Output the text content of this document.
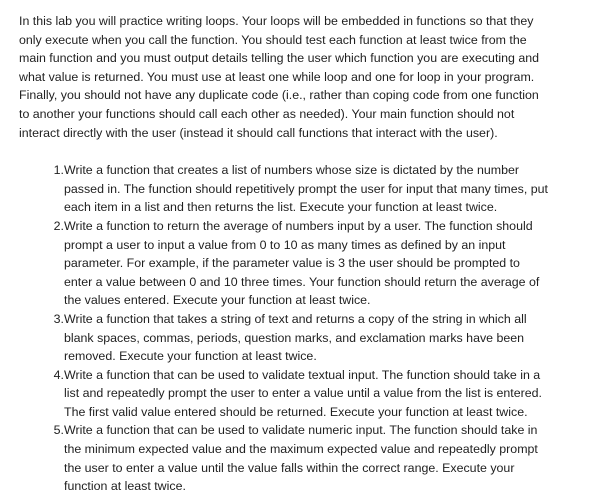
In this lab you will practice writing loops. Your loops will be embedded in functions so that they
only execute when you call the function. You should test each function at least twice from the
main function and you must output details telling the user which function you are executing and
what value is returned. You must use at least one while loop and one for loop in your program.
Finally, you should not have any duplicate code (i.e., rather than coping code from one function
to another your functions should call each other as needed). Your main function should not
interact directly with the user (instead it should call functions that interact with the user).

1. Write a function that creates a list of numbers whose size is dictated by the number
passed in. The function should repetitively prompt the user for input that many times, put
each item in a list and then returns the list. Execute your function at least twice.
2. Write a function to return the average of numbers input by a user. The function should
prompt a user to input a value from 0 to 10 as many times as defined by an input
parameter. For example, if the parameter value is 3 the user should be prompted to
enter a value between 0 and 10 three times. Your function should return the average of
the values entered. Execute your function at least twice.
3. Write a function that takes a string of text and returns a copy of the string in which all
blank spaces, commas, periods, question marks, and exclamation marks have been
removed. Execute your function at least twice.
4. Write a function that can be used to validate textual input. The function should take in a
list and repeatedly prompt the user to enter a value until a value from the list is entered.
The first valid value entered should be returned. Execute your function at least twice.
5. Write a function that can be used to validate numeric input. The function should take in
the minimum expected value and the maximum expected value and repeatedly prompt
the user to enter a value until the value falls within the correct range. Execute your
function at least twice.
